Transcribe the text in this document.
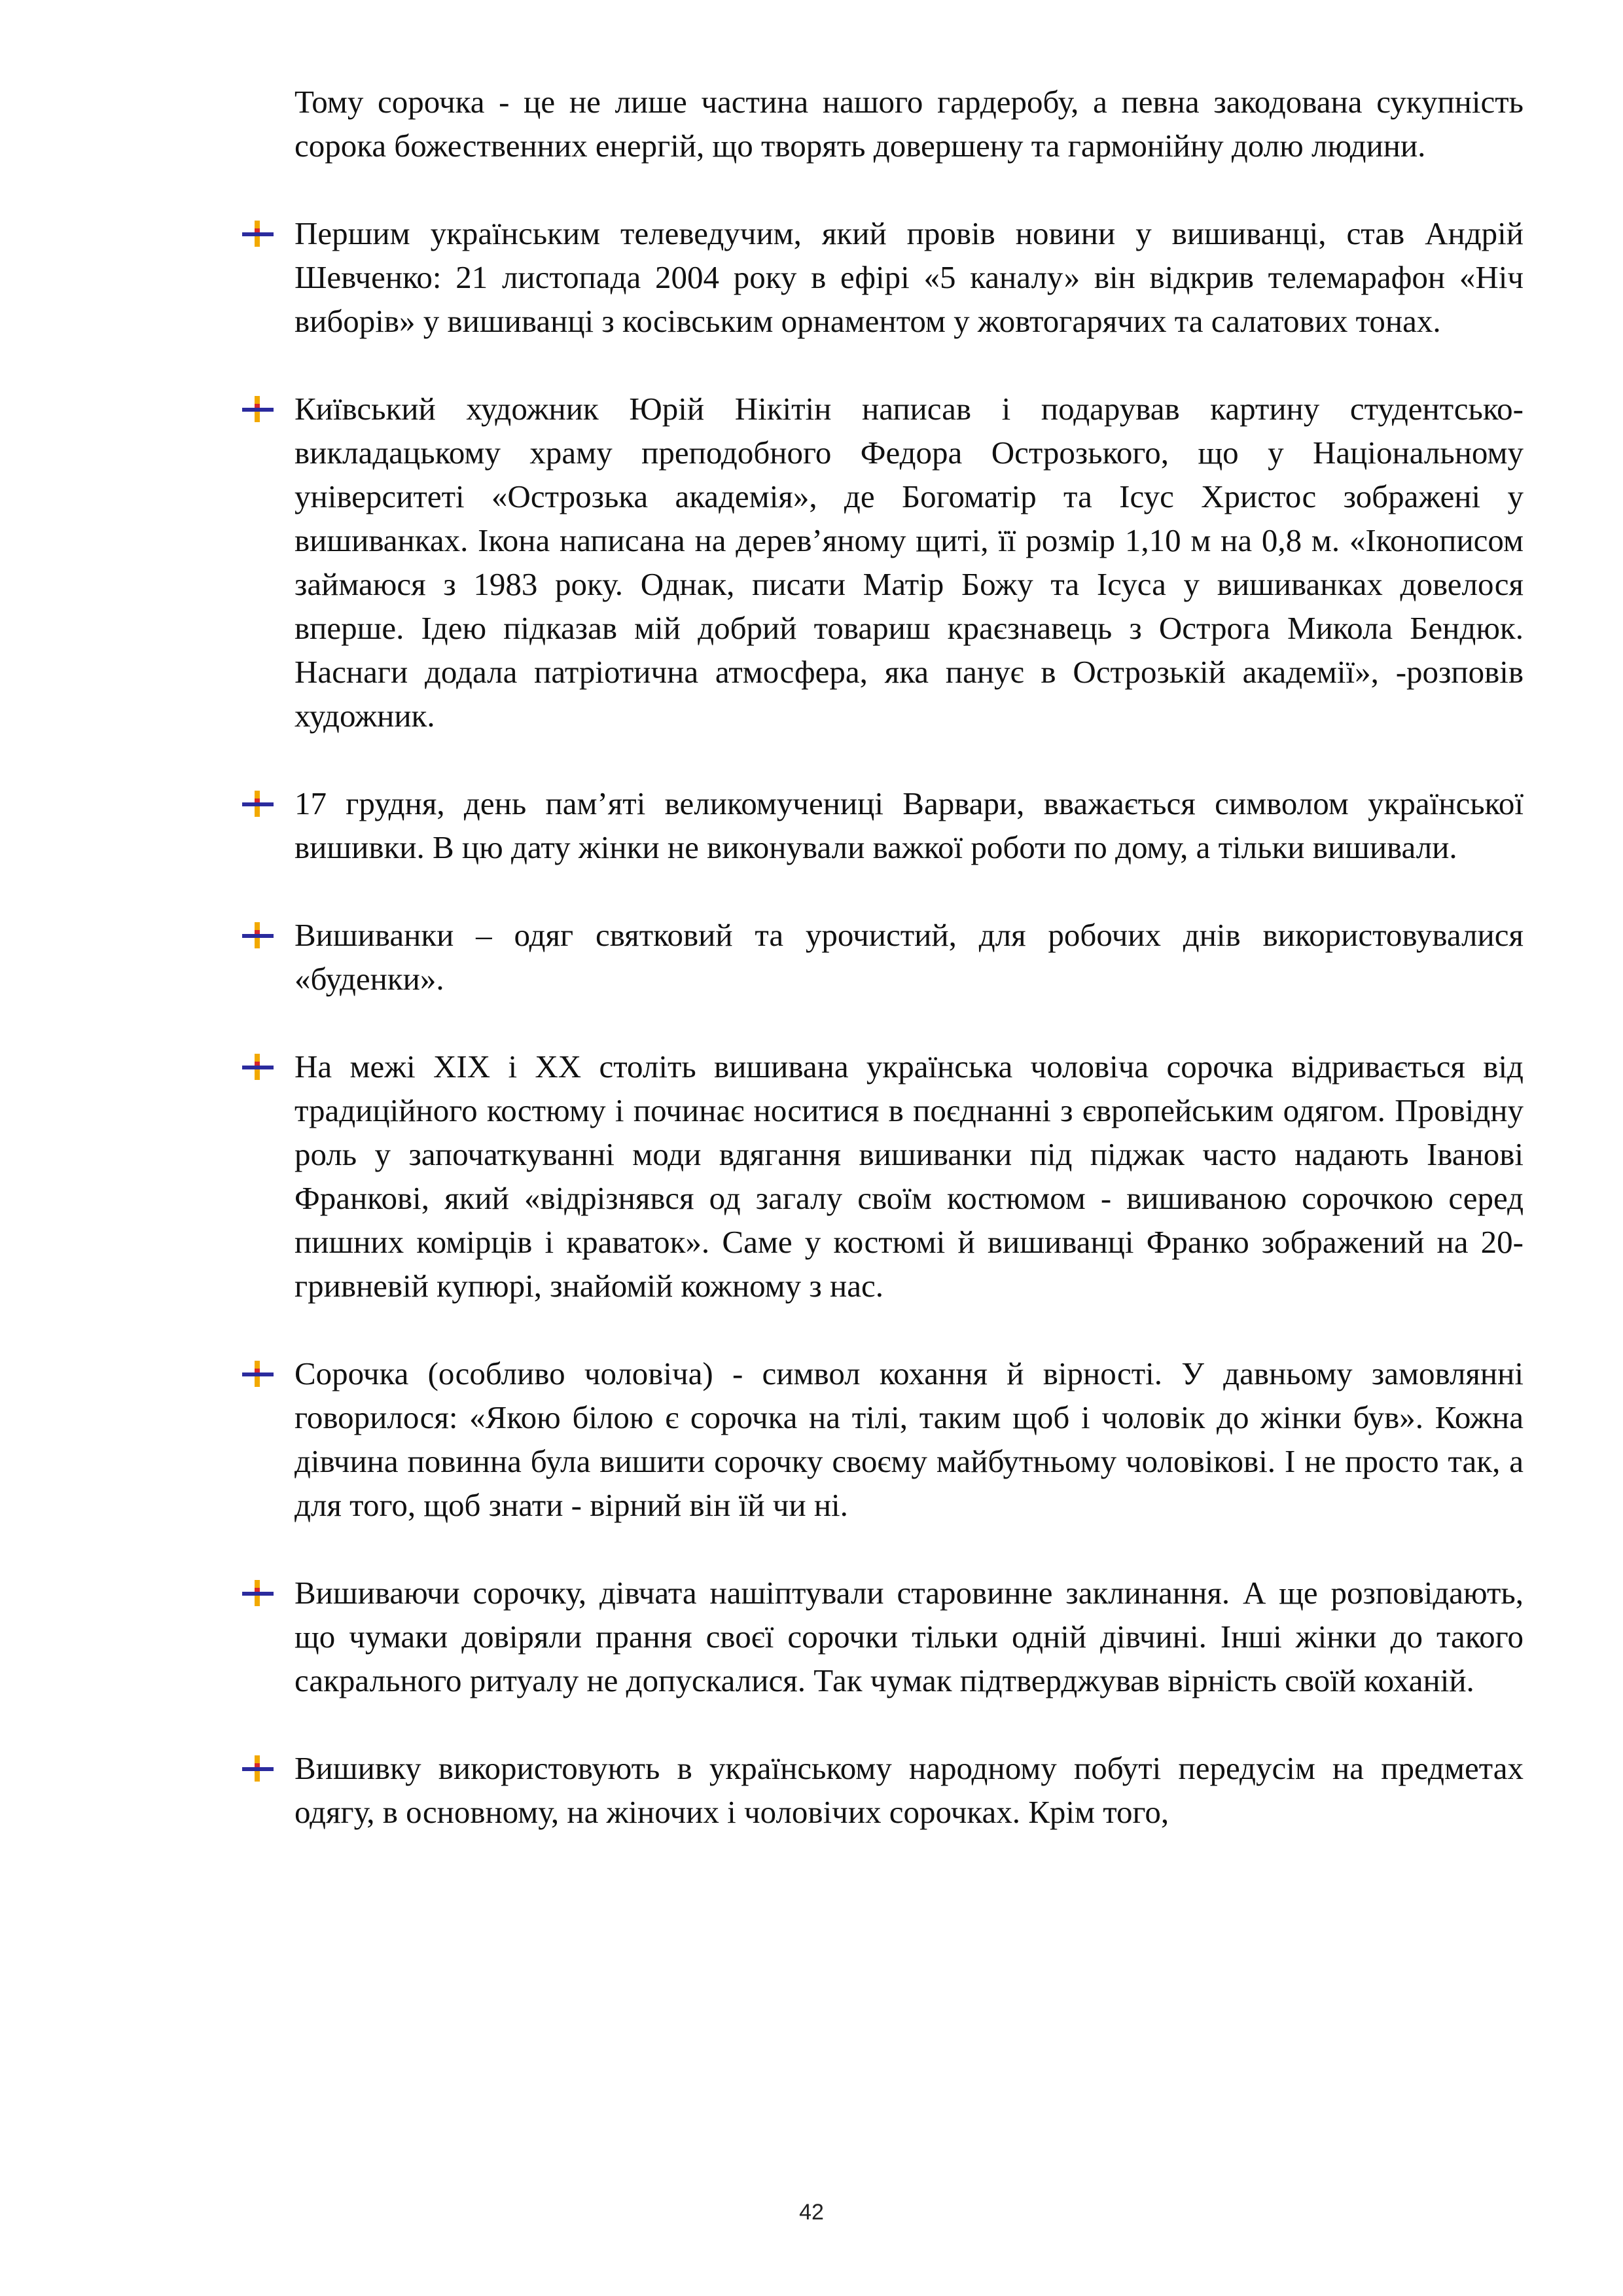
Тому сорочка - це не лише частина нашого гардеробу, а певна закодована сукупність сорока божественних енергій, що творять довершену та гармонійну долю людини.

Першим українським телеведучим, який провів новини у вишиванці, став Андрій Шевченко: 21 листопада 2004 року в ефірі «5 каналу» він відкрив телемарафон «Ніч виборів» у вишиванці з косівським орнаментом у жовтогарячих та салатових тонах.

Київський художник Юрій Нікітін написав і подарував картину студентсько-викладацькому храму преподобного Федора Острозького, що у Національному університеті «Острозька академія», де Богоматір та Ісус Христос зображені у вишиванках. Ікона написана на дерев’яному щиті, її розмір 1,10 м на 0,8 м. «Іконописом займаюся з 1983 року. Однак, писати Матір Божу та Ісуса у вишиванках довелося вперше. Ідею підказав мій добрий товариш краєзнавець з Острога Микола Бендюк. Наснаги додала патріотична атмосфера, яка панує в Острозькій академії», -розповів художник.

17 грудня, день пам’яті великомучениці Варвари, вважається символом української вишивки. В цю дату жінки не виконували важкої роботи по дому, а тільки вишивали.

Вишиванки – одяг святковий та урочистий, для робочих днів використовувалися «буденки».

На межі XIX і XX століть вишивана українська чоловіча сорочка відривається від традиційного костюму і починає носитися в поєднанні з європейським одягом. Провідну роль у започаткуванні моди вдягання вишиванки під піджак часто надають Іванові Франкові, який «відрізнявся од загалу своїм костюмом - вишиваною сорочкою серед пишних комірців і краваток». Саме у костюмі й вишиванці Франко зображений на 20-гривневій купюрі, знайомій кожному з нас.

Сорочка (особливо чоловіча) - символ кохання й вірності. У давньому замовлянні говорилося: «Якою білою є сорочка на тілі, таким щоб і чоловік до жінки був». Кожна дівчина повинна була вишити сорочку своєму майбутньому чоловікові. І не просто так, а для того, щоб знати - вірний він їй чи ні.

Вишиваючи сорочку, дівчата нашіптували старовинне заклинання. А ще розповідають, що чумаки довіряли прання своєї сорочки тільки одній дівчині. Інші жінки до такого сакрального ритуалу не допускалися. Так чумак підтверджував вірність своїй коханій.

Вишивку використовують в українському народному побуті передусім на предметах одягу, в основному, на жіночих і чоловічих сорочках. Крім того,

42
